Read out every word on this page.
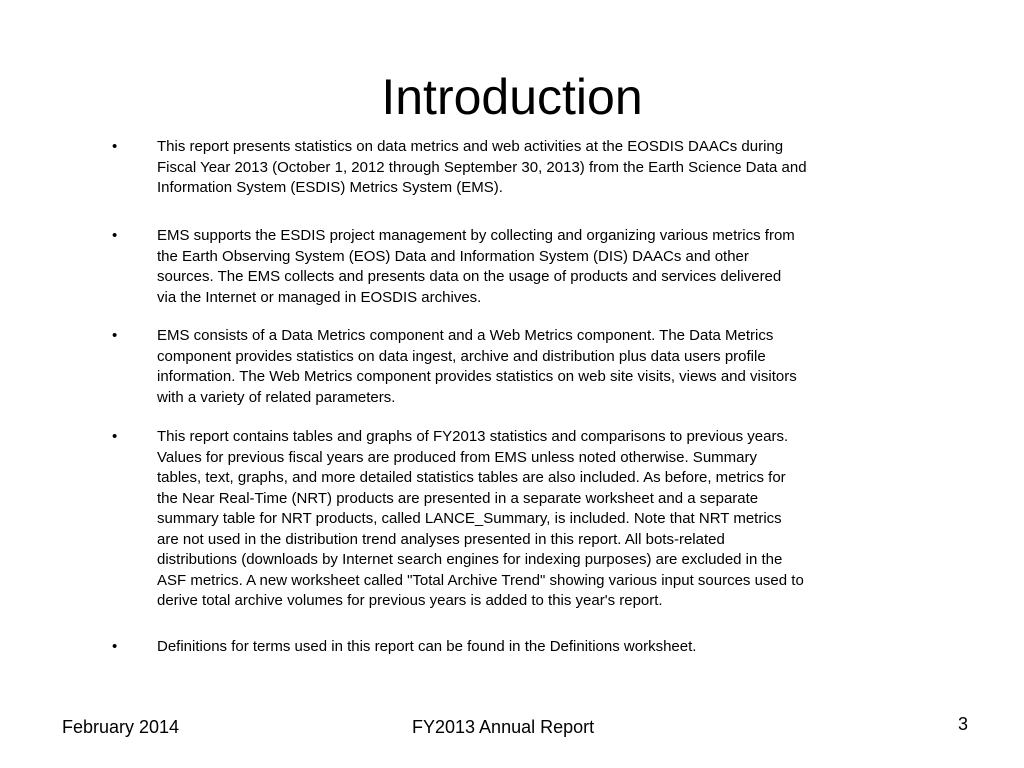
Introduction
•	This report presents statistics on data metrics and web activities at the EOSDIS DAACs during
Fiscal Year 2013 (October 1, 2012 through September 30, 2013) from the Earth Science Data and
Information System (ESDIS) Metrics System (EMS).
•	EMS supports the ESDIS project management by collecting and organizing various metrics from
the Earth Observing System (EOS) Data and Information System (DIS) DAACs and other
sources. The EMS collects and presents data on the usage of products and services delivered
via the Internet or managed in EOSDIS archives.
•	EMS consists of a Data Metrics component and a Web Metrics component. The Data Metrics
component provides statistics on data ingest, archive and distribution plus data users profile
information. The Web Metrics component provides statistics on web site visits, views and visitors
with a variety of related parameters.
•	This report contains tables and graphs of FY2013 statistics and comparisons to previous years.
Values for previous fiscal years are produced from EMS unless noted otherwise. Summary
tables, text, graphs, and more detailed statistics tables are also included. As before, metrics for
the Near Real-Time (NRT) products are presented in a separate worksheet and a separate
summary table for NRT products, called LANCE_Summary, is included. Note that NRT metrics
are not used in the distribution trend analyses presented in this report. All bots-related
distributions (downloads by Internet search engines for indexing purposes) are excluded in the
ASF metrics. A new worksheet called "Total Archive Trend" showing various input sources used to
derive total archive volumes for previous years is added to this year's report.
•	Definitions for terms used in this report can be found in the Definitions worksheet.
February 2014	FY2013 Annual Report	3
